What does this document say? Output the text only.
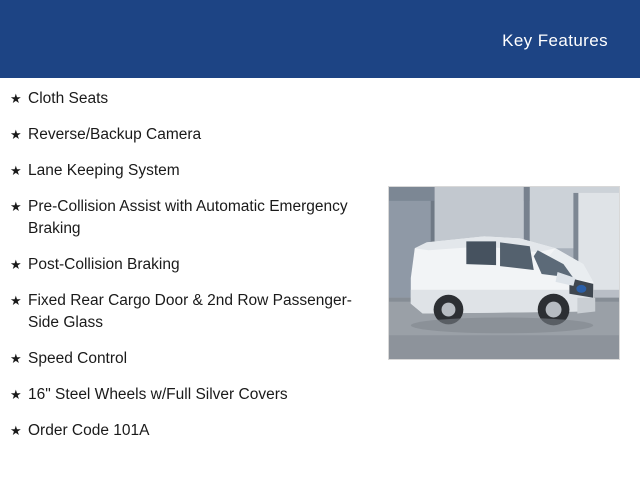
Key Features
★ Cloth Seats
★ Reverse/Backup Camera
★ Lane Keeping System
★ Pre-Collision Assist with Automatic Emergency Braking
★ Post-Collision Braking
★ Fixed Rear Cargo Door & 2nd Row Passenger-Side Glass
★ Speed Control
★ 16" Steel Wheels w/Full Silver Covers
★ Order Code 101A
